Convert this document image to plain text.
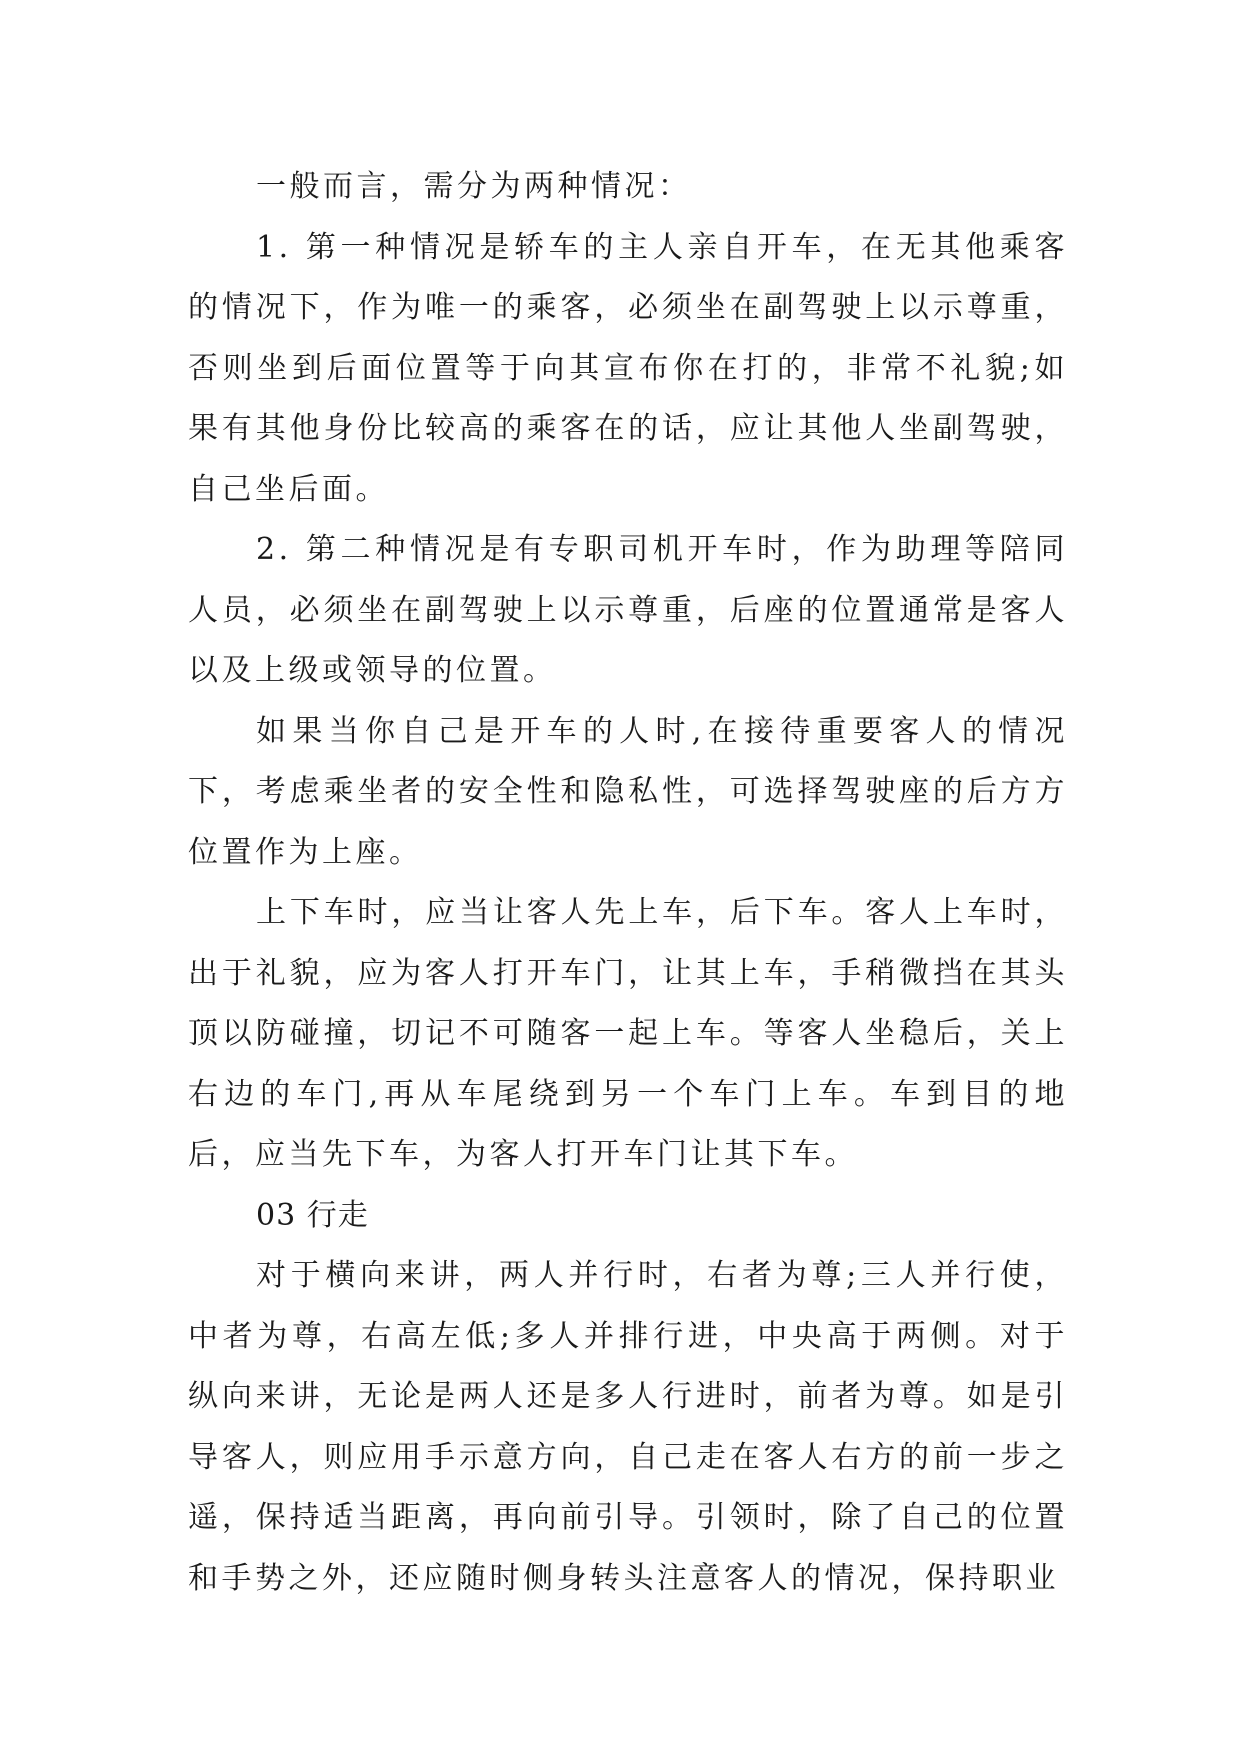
一般而言，需分为两种情况：

1. 第一种情况是轿车的主人亲自开车，在无其他乘客的情况下，作为唯一的乘客，必须坐在副驾驶上以示尊重，否则坐到后面位置等于向其宣布你在打的，非常不礼貌;如果有其他身份比较高的乘客在的话，应让其他人坐副驾驶，自己坐后面。

2. 第二种情况是有专职司机开车时，作为助理等陪同人员，必须坐在副驾驶上以示尊重，后座的位置通常是客人以及上级或领导的位置。

如果当你自己是开车的人时,在接待重要客人的情况下，考虑乘坐者的安全性和隐私性，可选择驾驶座的后方方位置作为上座。

上下车时，应当让客人先上车，后下车。客人上车时，出于礼貌，应为客人打开车门，让其上车，手稍微挡在其头顶以防碰撞，切记不可随客一起上车。等客人坐稳后，关上右边的车门,再从车尾绕到另一个车门上车。车到目的地后，应当先下车，为客人打开车门让其下车。

03 行走

对于横向来讲，两人并行时，右者为尊;三人并行使，中者为尊，右高左低;多人并排行进，中央高于两侧。对于纵向来讲，无论是两人还是多人行进时，前者为尊。如是引导客人，则应用手示意方向，自己走在客人右方的前一步之遥，保持适当距离，再向前引导。引领时，除了自己的位置和手势之外，还应随时侧身转头注意客人的情况，保持职业
